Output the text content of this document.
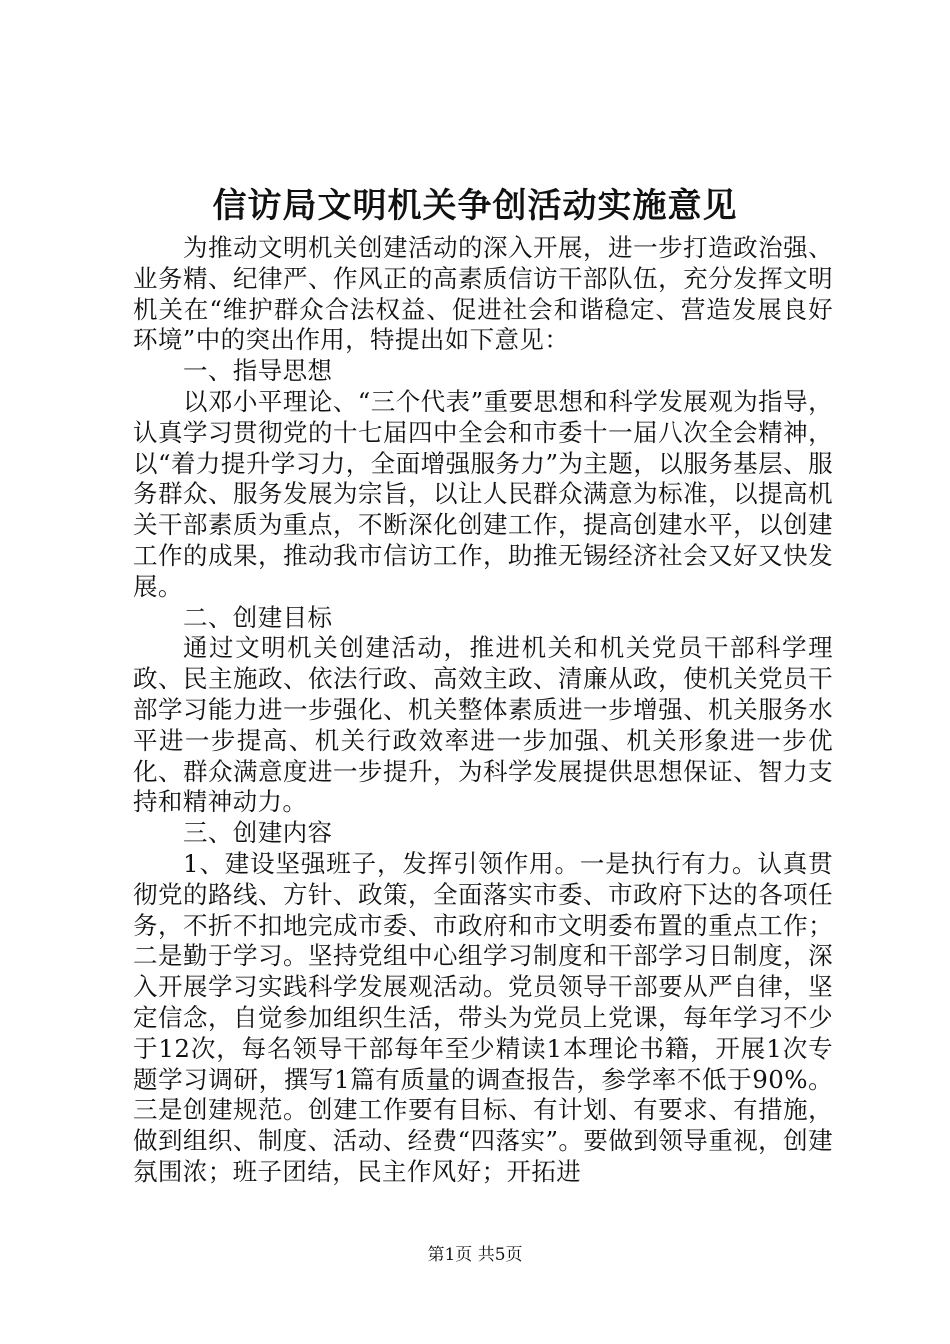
信访局文明机关争创活动实施意见

为推动文明机关创建活动的深入开展，进一步打造政治强、业务精、纪律严、作风正的高素质信访干部队伍，充分发挥文明机关在“维护群众合法权益、促进社会和谐稳定、营造发展良好环境”中的突出作用，特提出如下意见：

一、指导思想

以邓小平理论、“三个代表”重要思想和科学发展观为指导，认真学习贯彻党的十七届四中全会和市委十一届八次全会精神，以“着力提升学习力，全面增强服务力”为主题，以服务基层、服务群众、服务发展为宗旨，以让人民群众满意为标准，以提高机关干部素质为重点，不断深化创建工作，提高创建水平，以创建工作的成果，推动我市信访工作，助推无锡经济社会又好又快发展。

二、创建目标

通过文明机关创建活动，推进机关和机关党员干部科学理政、民主施政、依法行政、高效主政、清廉从政，使机关党员干部学习能力进一步强化、机关整体素质进一步增强、机关服务水平进一步提高、机关行政效率进一步加强、机关形象进一步优化、群众满意度进一步提升，为科学发展提供思想保证、智力支持和精神动力。

三、创建内容

1、建设坚强班子，发挥引领作用。一是执行有力。认真贯彻党的路线、方针、政策，全面落实市委、市政府下达的各项任务，不折不扣地完成市委、市政府和市文明委布置的重点工作；二是勤于学习。坚持党组中心组学习制度和干部学习日制度，深入开展学习实践科学发展观活动。党员领导干部要从严自律，坚定信念，自觉参加组织生活，带头为党员上党课，每年学习不少于12次，每名领导干部每年至少精读1本理论书籍，开展1次专题学习调研，撰写1篇有质量的调查报告，参学率不低于90%。三是创建规范。创建工作要有目标、有计划、有要求、有措施，做到组织、制度、活动、经费“四落实”。要做到领导重视，创建氛围浓；班子团结，民主作风好；开拓进

第1页 共5页
